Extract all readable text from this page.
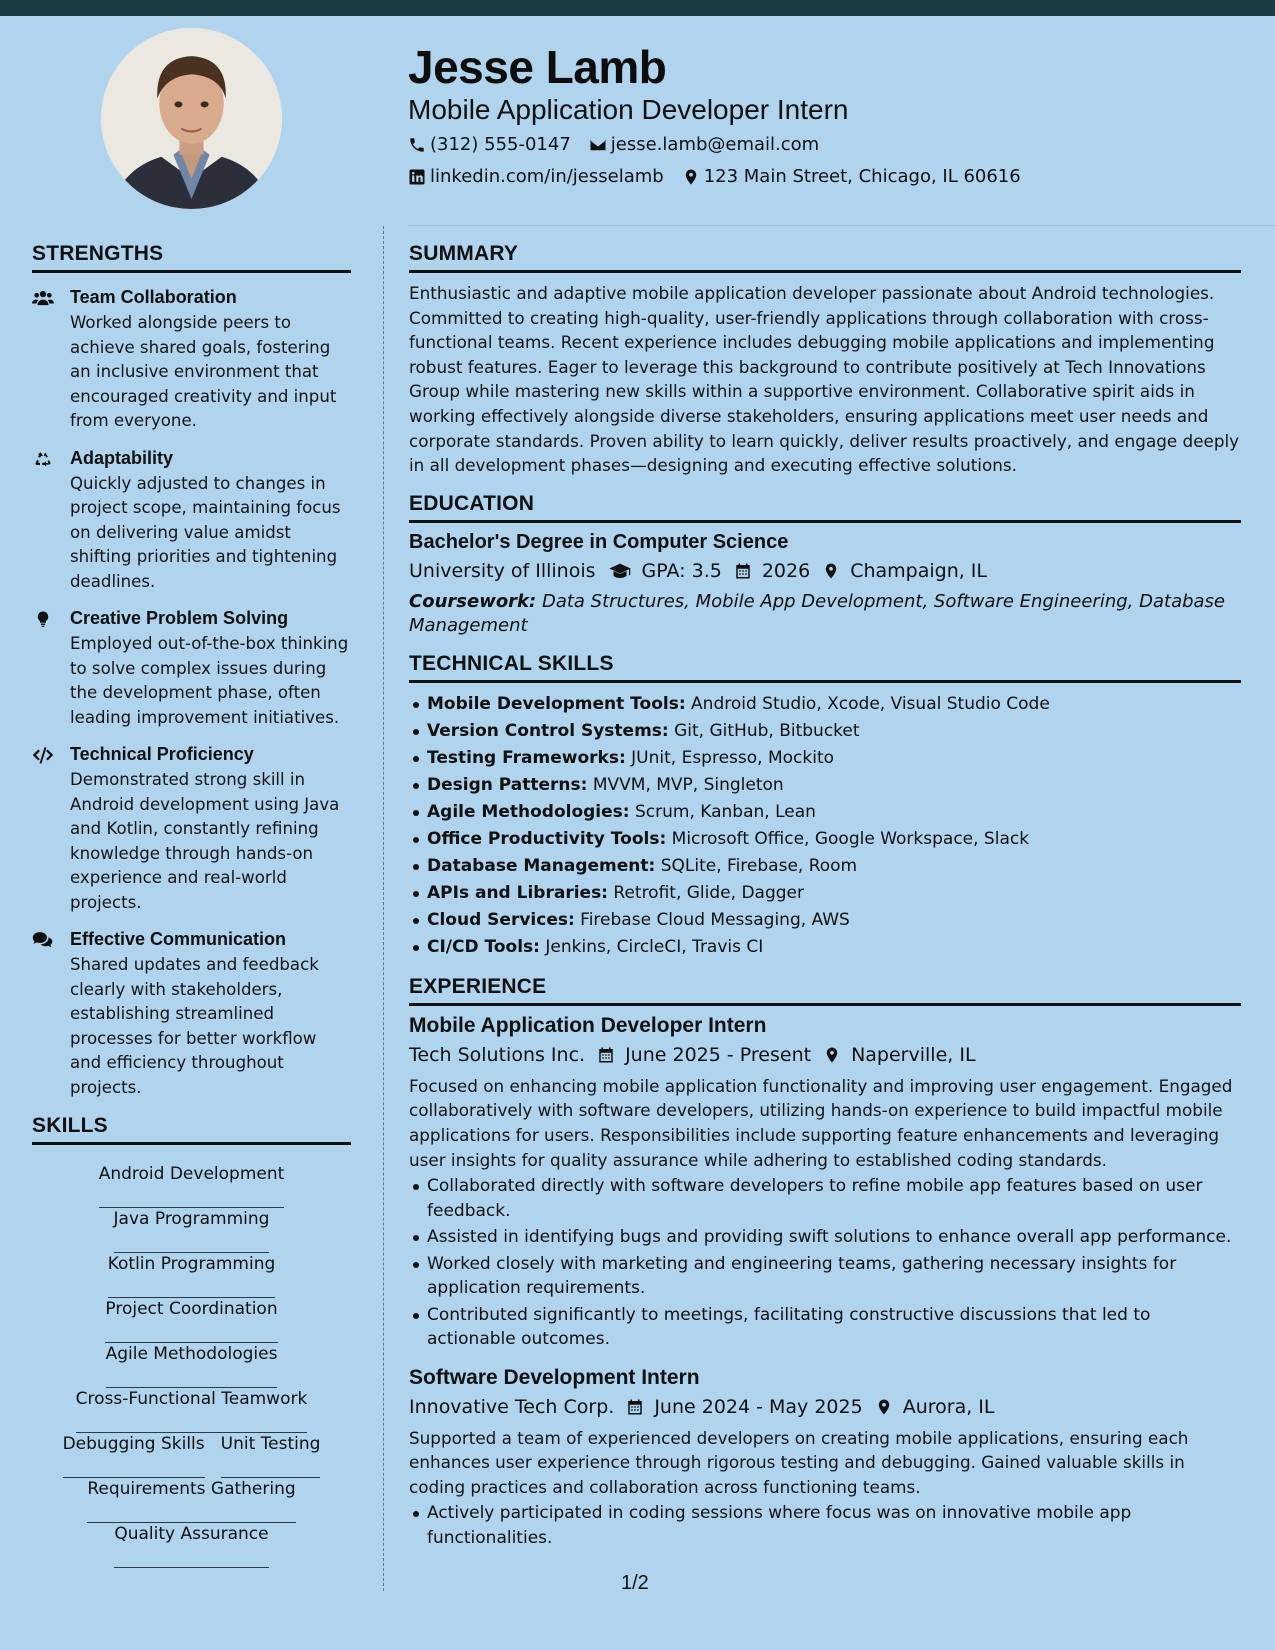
Jesse Lamb
Mobile Application Developer Intern
(312) 555-0147 jesse.lamb@email.com
linkedin.com/in/jesselamb 123 Main Street, Chicago, IL 60616
STRENGTHS
Team Collaboration
Worked alongside peers to achieve shared goals, fostering an inclusive environment that encouraged creativity and input from everyone.
Adaptability
Quickly adjusted to changes in project scope, maintaining focus on delivering value amidst shifting priorities and tightening deadlines.
Creative Problem Solving
Employed out-of-the-box thinking to solve complex issues during the development phase, often leading improvement initiatives.
Technical Proficiency
Demonstrated strong skill in Android development using Java and Kotlin, constantly refining knowledge through hands-on experience and real-world projects.
Effective Communication
Shared updates and feedback clearly with stakeholders, establishing streamlined processes for better workflow and efficiency throughout projects.
SKILLS
Android Development
Java Programming
Kotlin Programming
Project Coordination
Agile Methodologies
Cross-Functional Teamwork
Debugging Skills Unit Testing
Requirements Gathering
Quality Assurance
SUMMARY
Enthusiastic and adaptive mobile application developer passionate about Android technologies. Committed to creating high-quality, user-friendly applications through collaboration with cross-functional teams. Recent experience includes debugging mobile applications and implementing robust features. Eager to leverage this background to contribute positively at Tech Innovations Group while mastering new skills within a supportive environment. Collaborative spirit aids in working effectively alongside diverse stakeholders, ensuring applications meet user needs and corporate standards. Proven ability to learn quickly, deliver results proactively, and engage deeply in all development phases—designing and executing effective solutions.
EDUCATION
Bachelor's Degree in Computer Science
University of Illinois GPA: 3.5 2026 Champaign, IL
Coursework: Data Structures, Mobile App Development, Software Engineering, Database Management
TECHNICAL SKILLS
Mobile Development Tools: Android Studio, Xcode, Visual Studio Code
Version Control Systems: Git, GitHub, Bitbucket
Testing Frameworks: JUnit, Espresso, Mockito
Design Patterns: MVVM, MVP, Singleton
Agile Methodologies: Scrum, Kanban, Lean
Office Productivity Tools: Microsoft Office, Google Workspace, Slack
Database Management: SQLite, Firebase, Room
APIs and Libraries: Retrofit, Glide, Dagger
Cloud Services: Firebase Cloud Messaging, AWS
CI/CD Tools: Jenkins, CircleCI, Travis CI
EXPERIENCE
Mobile Application Developer Intern
Tech Solutions Inc. June 2025 - Present Naperville, IL
Focused on enhancing mobile application functionality and improving user engagement. Engaged collaboratively with software developers, utilizing hands-on experience to build impactful mobile applications for users. Responsibilities include supporting feature enhancements and leveraging user insights for quality assurance while adhering to established coding standards.
Collaborated directly with software developers to refine mobile app features based on user feedback.
Assisted in identifying bugs and providing swift solutions to enhance overall app performance.
Worked closely with marketing and engineering teams, gathering necessary insights for application requirements.
Contributed significantly to meetings, facilitating constructive discussions that led to actionable outcomes.
Software Development Intern
Innovative Tech Corp. June 2024 - May 2025 Aurora, IL
Supported a team of experienced developers on creating mobile applications, ensuring each enhances user experience through rigorous testing and debugging. Gained valuable skills in coding practices and collaboration across functioning teams.
Actively participated in coding sessions where focus was on innovative mobile app functionalities.
1/2
